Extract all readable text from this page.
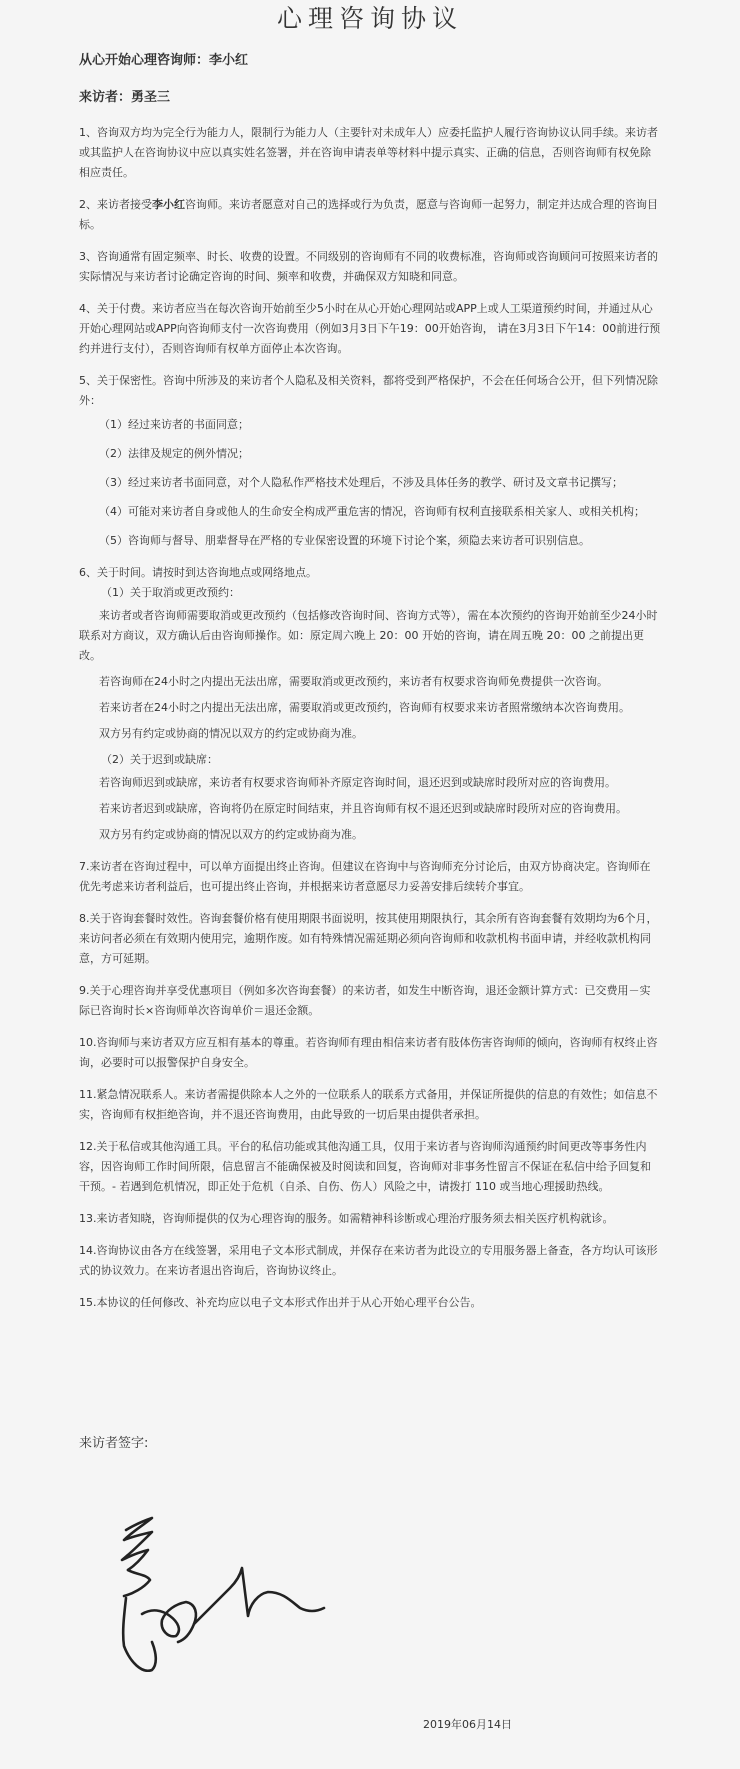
心理咨询协议
从心开始心理咨询师：李小红
来访者：勇圣三
1、咨询双方均为完全行为能力人，限制行为能力人（主要针对未成年人）应委托监护人履行咨询协议认同手续。来访者或其监护人在咨询协议中应以真实姓名签署，并在咨询申请表单等材料中提示真实、正确的信息，否则咨询师有权免除相应责任。
2、来访者接受李小红咨询师。来访者愿意对自己的选择或行为负责，愿意与咨询师一起努力，制定并达成合理的咨询目标。
3、咨询通常有固定频率、时长、收费的设置。不同级别的咨询师有不同的收费标准，咨询师或咨询顾问可按照来访者的实际情况与来访者讨论确定咨询的时间、频率和收费，并确保双方知晓和同意。
4、关于付费。来访者应当在每次咨询开始前至少5小时在从心开始心理网站或APP上或人工渠道预约时间，并通过从心开始心理网站或APP向咨询师支付一次咨询费用（例如3月3日下午19：00开始咨询， 请在3月3日下午14：00前进行预约并进行支付），否则咨询师有权单方面停止本次咨询。
5、关于保密性。咨询中所涉及的来访者个人隐私及相关资料，都将受到严格保护，不会在任何场合公开，但下列情况除外：
（1）经过来访者的书面同意；
（2）法律及规定的例外情况；
（3）经过来访者书面同意，对个人隐私作严格技术处理后，不涉及具体任务的教学、研讨及文章书记撰写；
（4）可能对来访者自身或他人的生命安全构成严重危害的情况，咨询师有权利直接联系相关家人、或相关机构；
（5）咨询师与督导、朋辈督导在严格的专业保密设置的环境下讨论个案，须隐去来访者可识别信息。
6、关于时间。请按时到达咨询地点或网络地点。
（1）关于取消或更改预约：
来访者或者咨询师需要取消或更改预约（包括修改咨询时间、咨询方式等），需在本次预约的咨询开始前至少24小时联系对方商议，双方确认后由咨询师操作。如：原定周六晚上 20：00 开始的咨询，请在周五晚 20：00 之前提出更改。
若咨询师在24小时之内提出无法出席，需要取消或更改预约，来访者有权要求咨询师免费提供一次咨询。
若来访者在24小时之内提出无法出席，需要取消或更改预约，咨询师有权要求来访者照常缴纳本次咨询费用。
双方另有约定或协商的情况以双方的约定或协商为准。
（2）关于迟到或缺席：
若咨询师迟到或缺席，来访者有权要求咨询师补齐原定咨询时间，退还迟到或缺席时段所对应的咨询费用。
若来访者迟到或缺席，咨询将仍在原定时间结束，并且咨询师有权不退还迟到或缺席时段所对应的咨询费用。
双方另有约定或协商的情况以双方的约定或协商为准。
7.来访者在咨询过程中，可以单方面提出终止咨询。但建议在咨询中与咨询师充分讨论后，由双方协商决定。咨询师在优先考虑来访者利益后，也可提出终止咨询，并根据来访者意愿尽力妥善安排后续转介事宜。
8.关于咨询套餐时效性。咨询套餐价格有使用期限书面说明，按其使用期限执行，其余所有咨询套餐有效期均为6个月，来访问者必须在有效期内使用完，逾期作废。如有特殊情况需延期必须向咨询师和收款机构书面申请，并经收款机构同意，方可延期。
9.关于心理咨询并享受优惠项目（例如多次咨询套餐）的来访者，如发生中断咨询，退还金额计算方式：已交费用－实际已咨询时长×咨询师单次咨询单价＝退还金额。
10.咨询师与来访者双方应互相有基本的尊重。若咨询师有理由相信来访者有肢体伤害咨询师的倾向，咨询师有权终止咨询，必要时可以报警保护自身安全。
11.紧急情况联系人。来访者需提供除本人之外的一位联系人的联系方式备用，并保证所提供的信息的有效性；如信息不实，咨询师有权拒绝咨询，并不退还咨询费用，由此导致的一切后果由提供者承担。
12.关于私信或其他沟通工具。平台的私信功能或其他沟通工具，仅用于来访者与咨询师沟通预约时间更改等事务性内容，因咨询师工作时间所限，信息留言不能确保被及时阅读和回复，咨询师对非事务性留言不保证在私信中给予回复和干预。- 若遇到危机情况，即正处于危机（自杀、自伤、伤人）风险之中，请拨打 110 或当地心理援助热线。
13.来访者知晓，咨询师提供的仅为心理咨询的服务。如需精神科诊断或心理治疗服务须去相关医疗机构就诊。
14.咨询协议由各方在线签署，采用电子文本形式制成，并保存在来访者为此设立的专用服务器上备查，各方均认可该形式的协议效力。在来访者退出咨询后，咨询协议终止。
15.本协议的任何修改、补充均应以电子文本形式作出并于从心开始心理平台公告。
来访者签字:
2019年06月14日
